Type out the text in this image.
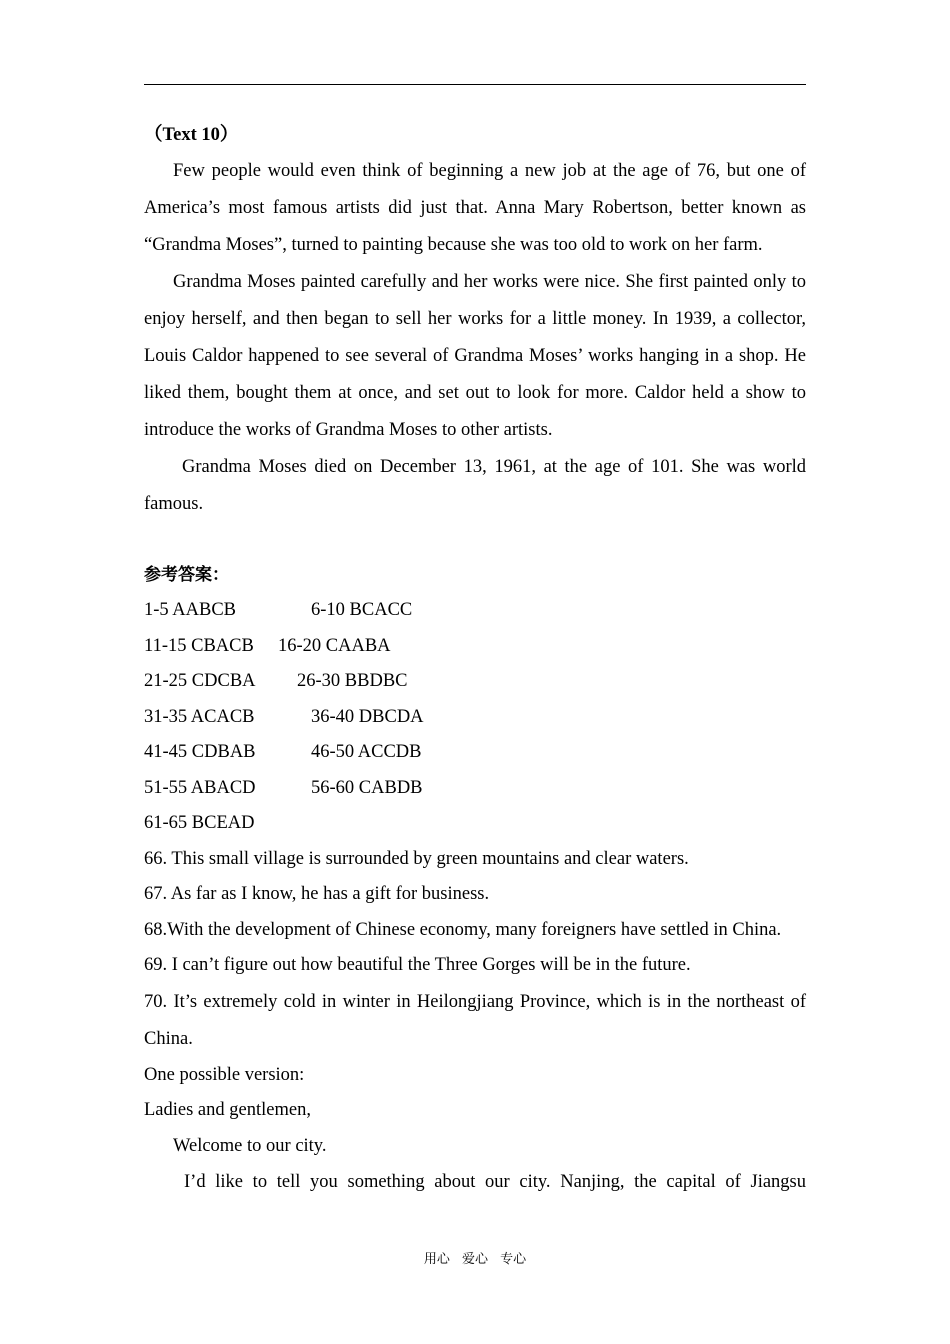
（Text 10）

Few people would even think of beginning a new job at the age of 76, but one of America’s most famous artists did just that. Anna Mary Robertson, better known as “Grandma Moses”, turned to painting because she was too old to work on her farm.

Grandma Moses painted carefully and her works were nice. She first painted only to enjoy herself, and then began to sell her works for a little money. In 1939, a collector, Louis Caldor happened to see several of Grandma Moses’ works hanging in a shop. He liked them, bought them at once, and set out to look for more. Caldor held a show to introduce the works of Grandma Moses to other artists.

Grandma Moses died on December 13, 1961, at the age of 101. She was world famous.

参考答案：
1-5 AABCB	6-10 BCACC
11-15 CBACB 16-20 CAABA
21-25 CDCBA 26-30 BBDBC
31-35 ACACB	36-40 DBCDA
41-45 CDBAB	46-50 ACCDB
51-55 ABACD	56-60 CABDB
61-65 BCEAD

66. This small village is surrounded by green mountains and clear waters.

67. As far as I know, he has a gift for business.

68.With the development of Chinese economy, many foreigners have settled in China.

69. I can’t figure out how beautiful the Three Gorges will be in the future.

70. It’s extremely cold in winter in Heilongjiang Province, which is in the northeast of China.

One possible version:

Ladies and gentlemen,

Welcome to our city.

I’d like to tell you something about our city. Nanjing, the capital of Jiangsu

用心 爱心 专心
